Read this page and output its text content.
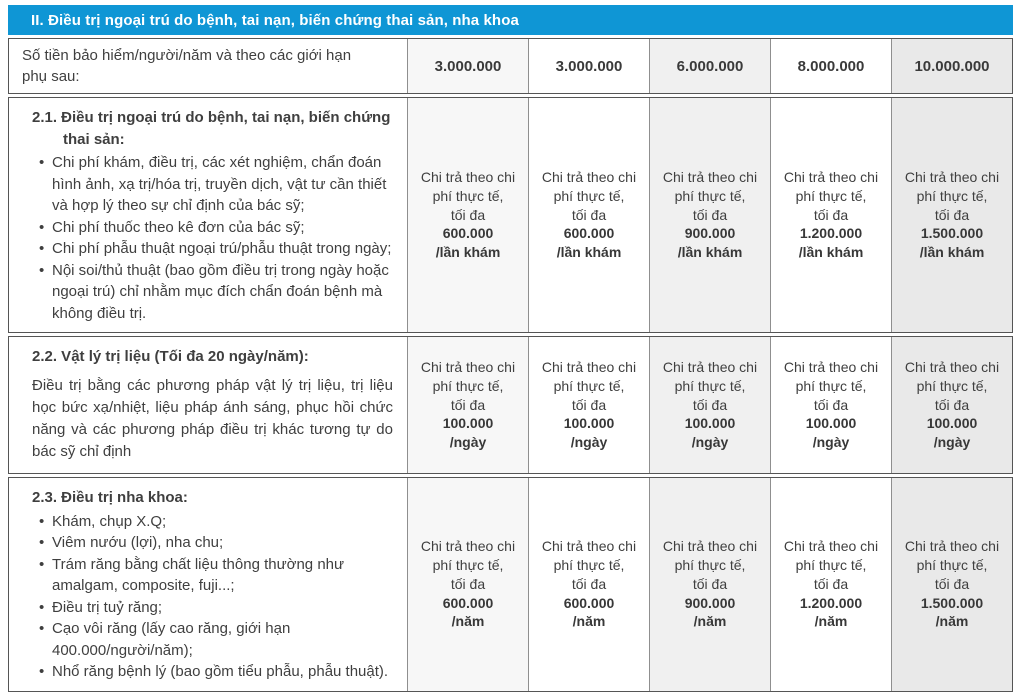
II. Điều trị ngoại trú do bệnh, tai nạn, biến chứng thai sản, nha khoa
Số tiền bảo hiểm/người/năm và theo các giới hạn phụ sau:
3.000.000	3.000.000	6.000.000	8.000.000	10.000.000
2.1. Điều trị ngoại trú do bệnh, tai nạn, biến chứng thai sản:
• Chi phí khám, điều trị, các xét nghiệm, chẩn đoán hình ảnh, xạ trị/hóa trị, truyền dịch, vật tư cần thiết và hợp lý theo sự chỉ định của bác sỹ;
• Chi phí thuốc theo kê đơn của bác sỹ;
• Chi phí phẫu thuật ngoại trú/phẫu thuật trong ngày;
• Nội soi/thủ thuật (bao gồm điều trị trong ngày hoặc ngoại trú) chỉ nhằm mục đích chẩn đoán bệnh mà không điều trị.
Chi trả theo chi
phí thực tế,
tối đa
600.000
/lần khám
Chi trả theo chi
phí thực tế,
tối đa
600.000
/lần khám
Chi trả theo chi
phí thực tế,
tối đa
900.000
/lần khám
Chi trả theo chi
phí thực tế,
tối đa
1.200.000
/lần khám
Chi trả theo chi
phí thực tế,
tối đa
1.500.000
/lần khám
2.2. Vật lý trị liệu (Tối đa 20 ngày/năm):
Điều trị bằng các phương pháp vật lý trị liệu, trị liệu học bức xạ/nhiệt, liệu pháp ánh sáng, phục hồi chức năng và các phương pháp điều trị khác tương tự do bác sỹ chỉ định
Chi trả theo chi
phí thực tế,
tối đa
100.000
/ngày
Chi trả theo chi
phí thực tế,
tối đa
100.000
/ngày
Chi trả theo chi
phí thực tế,
tối đa
100.000
/ngày
Chi trả theo chi
phí thực tế,
tối đa
100.000
/ngày
Chi trả theo chi
phí thực tế,
tối đa
100.000
/ngày
2.3. Điều trị nha khoa:
• Khám, chụp X.Q;
• Viêm nướu (lợi), nha chu;
• Trám răng bằng chất liệu thông thường như amalgam, composite, fuji...;
• Điều trị tuỷ răng;
• Cạo vôi răng (lấy cao răng, giới hạn 400.000/người/năm);
• Nhổ răng bệnh lý (bao gồm tiểu phẫu, phẫu thuật).
Chi trả theo chi
phí thực tế,
tối đa
600.000
/năm
Chi trả theo chi
phí thực tế,
tối đa
600.000
/năm
Chi trả theo chi
phí thực tế,
tối đa
900.000
/năm
Chi trả theo chi
phí thực tế,
tối đa
1.200.000
/năm
Chi trả theo chi
phí thực tế,
tối đa
1.500.000
/năm
